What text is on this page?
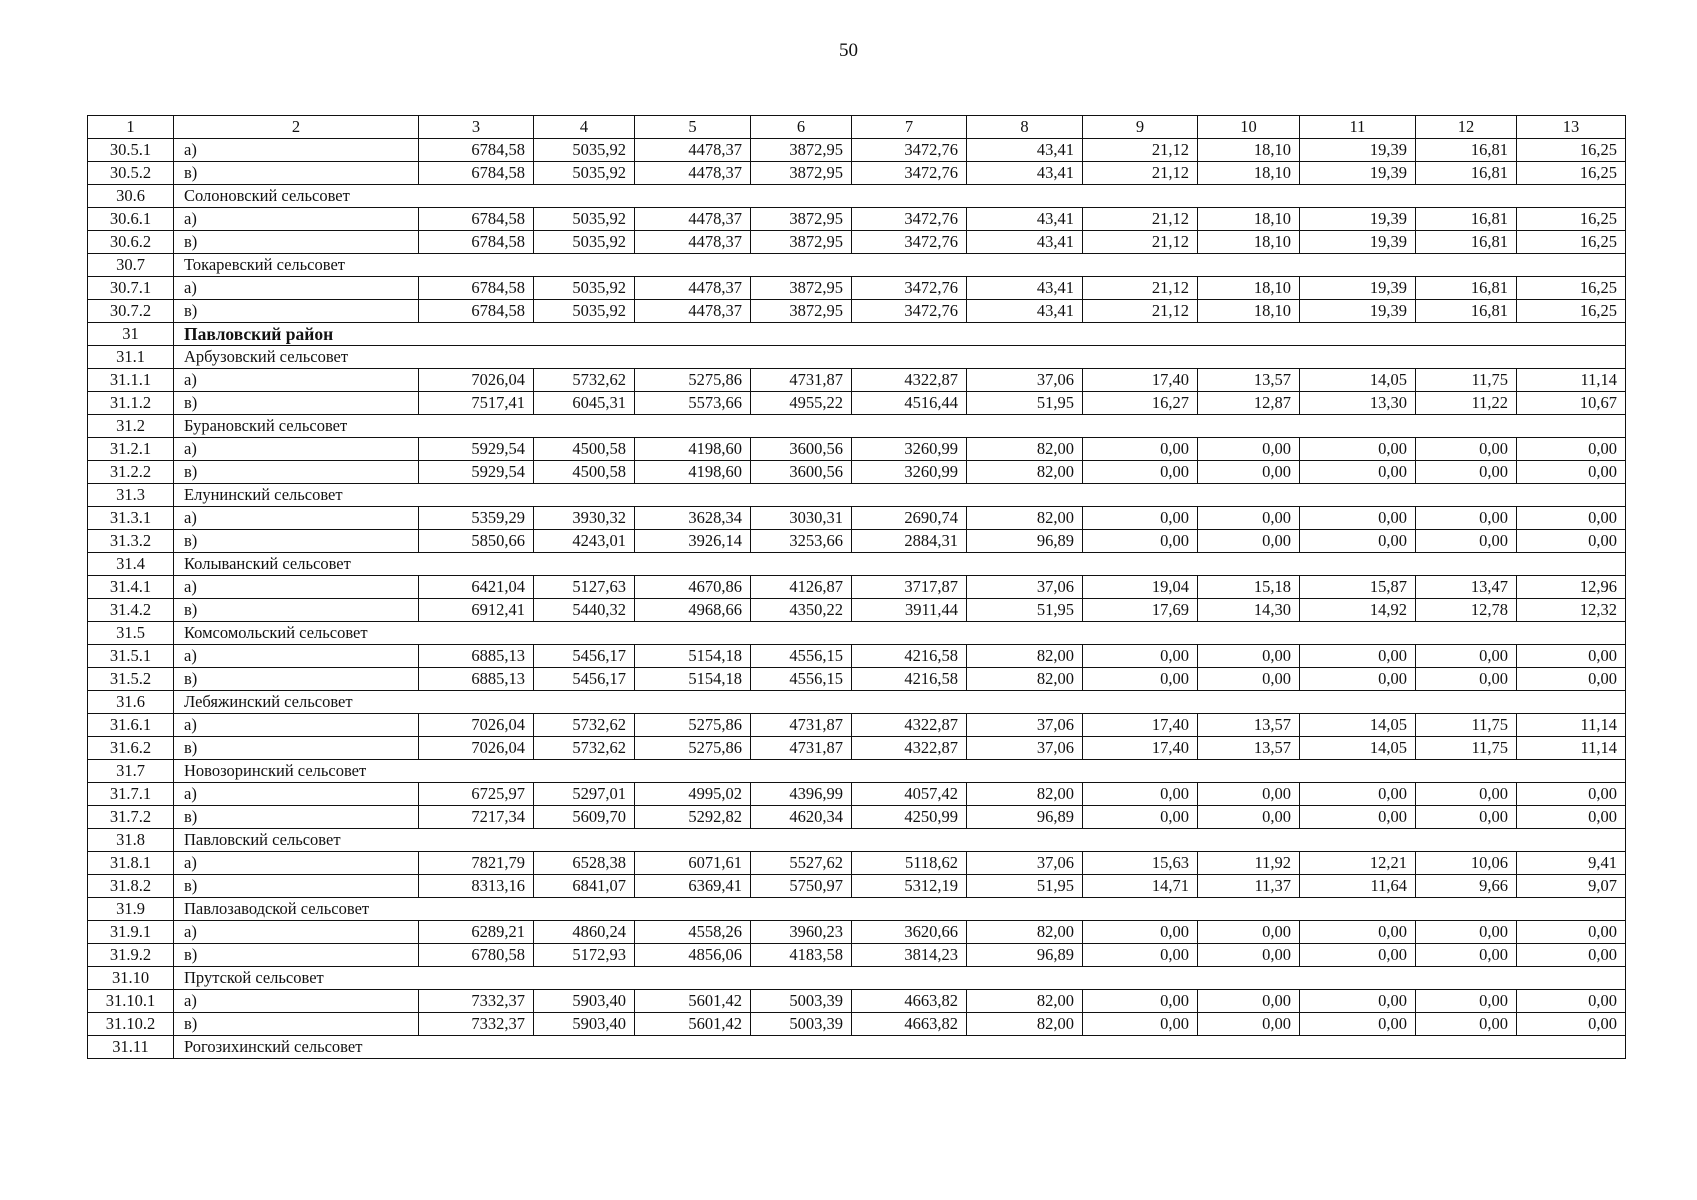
50
1	2	3	4	5	6	7	8	9	10	11	12	13
30.5.1	а)	6784,58	5035,92	4478,37	3872,95	3472,76	43,41	21,12	18,10	19,39	16,81	16,25
30.5.2	в)	6784,58	5035,92	4478,37	3872,95	3472,76	43,41	21,12	18,10	19,39	16,81	16,25
30.6	Солоновский сельсовет											
30.6.1	а)	6784,58	5035,92	4478,37	3872,95	3472,76	43,41	21,12	18,10	19,39	16,81	16,25
30.6.2	в)	6784,58	5035,92	4478,37	3872,95	3472,76	43,41	21,12	18,10	19,39	16,81	16,25
30.7	Токаревский сельсовет											
30.7.1	а)	6784,58	5035,92	4478,37	3872,95	3472,76	43,41	21,12	18,10	19,39	16,81	16,25
30.7.2	в)	6784,58	5035,92	4478,37	3872,95	3472,76	43,41	21,12	18,10	19,39	16,81	16,25
31	Павловский район											
31.1	Арбузовский сельсовет											
31.1.1	а)	7026,04	5732,62	5275,86	4731,87	4322,87	37,06	17,40	13,57	14,05	11,75	11,14
31.1.2	в)	7517,41	6045,31	5573,66	4955,22	4516,44	51,95	16,27	12,87	13,30	11,22	10,67
31.2	Бурановский сельсовет											
31.2.1	а)	5929,54	4500,58	4198,60	3600,56	3260,99	82,00	0,00	0,00	0,00	0,00	0,00
31.2.2	в)	5929,54	4500,58	4198,60	3600,56	3260,99	82,00	0,00	0,00	0,00	0,00	0,00
31.3	Елунинский сельсовет											
31.3.1	а)	5359,29	3930,32	3628,34	3030,31	2690,74	82,00	0,00	0,00	0,00	0,00	0,00
31.3.2	в)	5850,66	4243,01	3926,14	3253,66	2884,31	96,89	0,00	0,00	0,00	0,00	0,00
31.4	Колыванский сельсовет											
31.4.1	а)	6421,04	5127,63	4670,86	4126,87	3717,87	37,06	19,04	15,18	15,87	13,47	12,96
31.4.2	в)	6912,41	5440,32	4968,66	4350,22	3911,44	51,95	17,69	14,30	14,92	12,78	12,32
31.5	Комсомольский сельсовет											
31.5.1	а)	6885,13	5456,17	5154,18	4556,15	4216,58	82,00	0,00	0,00	0,00	0,00	0,00
31.5.2	в)	6885,13	5456,17	5154,18	4556,15	4216,58	82,00	0,00	0,00	0,00	0,00	0,00
31.6	Лебяжинский сельсовет											
31.6.1	а)	7026,04	5732,62	5275,86	4731,87	4322,87	37,06	17,40	13,57	14,05	11,75	11,14
31.6.2	в)	7026,04	5732,62	5275,86	4731,87	4322,87	37,06	17,40	13,57	14,05	11,75	11,14
31.7	Новозоринский сельсовет											
31.7.1	а)	6725,97	5297,01	4995,02	4396,99	4057,42	82,00	0,00	0,00	0,00	0,00	0,00
31.7.2	в)	7217,34	5609,70	5292,82	4620,34	4250,99	96,89	0,00	0,00	0,00	0,00	0,00
31.8	Павловский сельсовет											
31.8.1	а)	7821,79	6528,38	6071,61	5527,62	5118,62	37,06	15,63	11,92	12,21	10,06	9,41
31.8.2	в)	8313,16	6841,07	6369,41	5750,97	5312,19	51,95	14,71	11,37	11,64	9,66	9,07
31.9	Павлозаводской сельсовет											
31.9.1	а)	6289,21	4860,24	4558,26	3960,23	3620,66	82,00	0,00	0,00	0,00	0,00	0,00
31.9.2	в)	6780,58	5172,93	4856,06	4183,58	3814,23	96,89	0,00	0,00	0,00	0,00	0,00
31.10	Прутской сельсовет											
31.10.1	а)	7332,37	5903,40	5601,42	5003,39	4663,82	82,00	0,00	0,00	0,00	0,00	0,00
31.10.2	в)	7332,37	5903,40	5601,42	5003,39	4663,82	82,00	0,00	0,00	0,00	0,00	0,00
31.11	Рогозихинский сельсовет											
